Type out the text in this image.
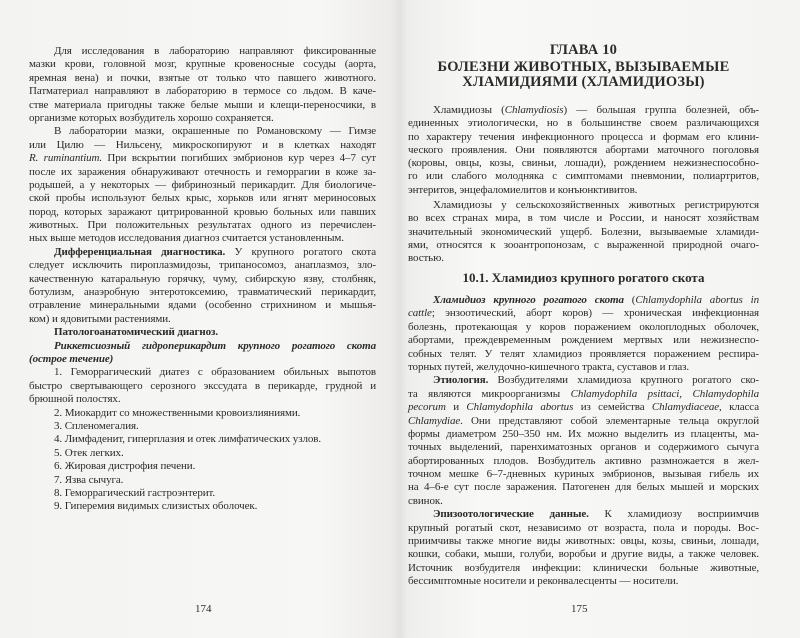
Для исследования в лабораторию направляют фиксированные
мазки крови, головной мозг, крупные кровеносные сосуды (аорта,
яремная вена) и почки, взятые от только что павшего животного.
Патматериал направляют в лабораторию в термосе со льдом. В каче-
стве материала пригодны также белые мыши и клещи-переносчики, в
организме которых возбудитель хорошо сохраняется.
В лаборатории мазки, окрашенные по Романовскому — Гимзе
или Цилю — Нильсену, микроскопируют и в клетках находят
R. ruminantium. При вскрытии погибших эмбрионов кур через 4–7 сут
после их заражения обнаруживают отечность и геморрагии в коже за-
родышей, а у некоторых — фибринозный перикардит. Для биологиче-
ской пробы используют белых крыс, хорьков или ягнят мериносовых
пород, которых заражают цитрированной кровью больных или павших
животных. При положительных результатах одного из перечислен-
ных выше методов исследования диагноз считается установленным.
Дифференциальная диагностика. У крупного рогатого скота
следует исключить пироплазмидозы, трипаносомоз, анаплазмоз, зло-
качественную катаральную горячку, чуму, сибирскую язву, столбняк,
ботулизм, анаэробную энтеротоксемию, травматический перикардит,
отравление минеральными ядами (особенно стрихнином и мышья-
ком) и ядовитыми растениями.
Патологоанатомический диагноз.
Риккетсиозный гидроперикардит крупного рогатого скота
(острое течение)
1. Геморрагический диатез с образованием обильных выпотов
быстро свертывающего серозного экссудата в перикарде, грудной и
брюшной полостях.
2. Миокардит со множественными кровоизлияниями.
3. Спленомегалия.
4. Лимфаденит, гиперплазия и отек лимфатических узлов.
5. Отек легких.
6. Жировая дистрофия печени.
7. Язва сычуга.
8. Геморрагический гастроэнтерит.
9. Гиперемия видимых слизистых оболочек.
ГЛАВА 10
БОЛЕЗНИ ЖИВОТНЫХ, ВЫЗЫВАЕМЫЕ
ХЛАМИДИЯМИ (ХЛАМИДИОЗЫ)
Хламидиозы (Chlamydiosis) — большая группа болезней, объ-
единенных этиологически, но в большинстве своем различающихся
по характеру течения инфекционного процесса и формам его клини-
ческого проявления. Они появляются абортами маточного поголовья
(коровы, овцы, козы, свиньи, лошади), рождением нежизнеспособно-
го или слабого молодняка с симптомами пневмонии, полиартритов,
энтеритов, энцефаломиелитов и конъюнктивитов.
Хламидиозы у сельскохозяйственных животных регистрируются
во всех странах мира, в том числе и России, и наносят хозяйствам
значительный экономический ущерб. Болезни, вызываемые хламиди-
ями, относятся к зооантропонозам, с выраженной природной очаго-
востью.
10.1. Хламидиоз крупного рогатого скота
Хламидиоз крупного рогатого скота (Chlamydophila abortus in
cattle; энзоотический, аборт коров) — хроническая инфекционная
болезнь, протекающая у коров поражением околоплодных оболочек,
абортами, преждевременным рождением мертвых или нежизнеспо-
собных телят. У телят хламидиоз проявляется поражением респира-
торных путей, желудочно-кишечного тракта, суставов и глаз.
Этиология. Возбудителями хламидиоза крупного рогатого ско-
та являются микроорганизмы Chlamydophila psittaci, Chlamydophila
pecorum и Chlamydophila abortus из семейства Chlamydiaceae, класса
Chlamydiae. Они представляют собой элементарные тельца округлой
формы диаметром 250–350 нм. Их можно выделить из плаценты, ма-
точных выделений, паренхиматозных органов и содержимого сычуга
абортированных плодов. Возбудитель активно размножается в жел-
точном мешке 6–7-дневных куриных эмбрионов, вызывая гибель их
на 4–6-е сут после заражения. Патогенен для белых мышей и морских
свинок.
Эпизоотологические данные. К хламидиозу восприимчив
крупный рогатый скот, независимо от возраста, пола и породы. Вос-
приимчивы также многие виды животных: овцы, козы, свиньи, лошади,
кошки, собаки, мыши, голуби, воробьи и другие виды, а также человек.
Источник возбудителя инфекции: клинически больные животные,
бессимптомные носители и реконвалесценты — носители.
174	175
